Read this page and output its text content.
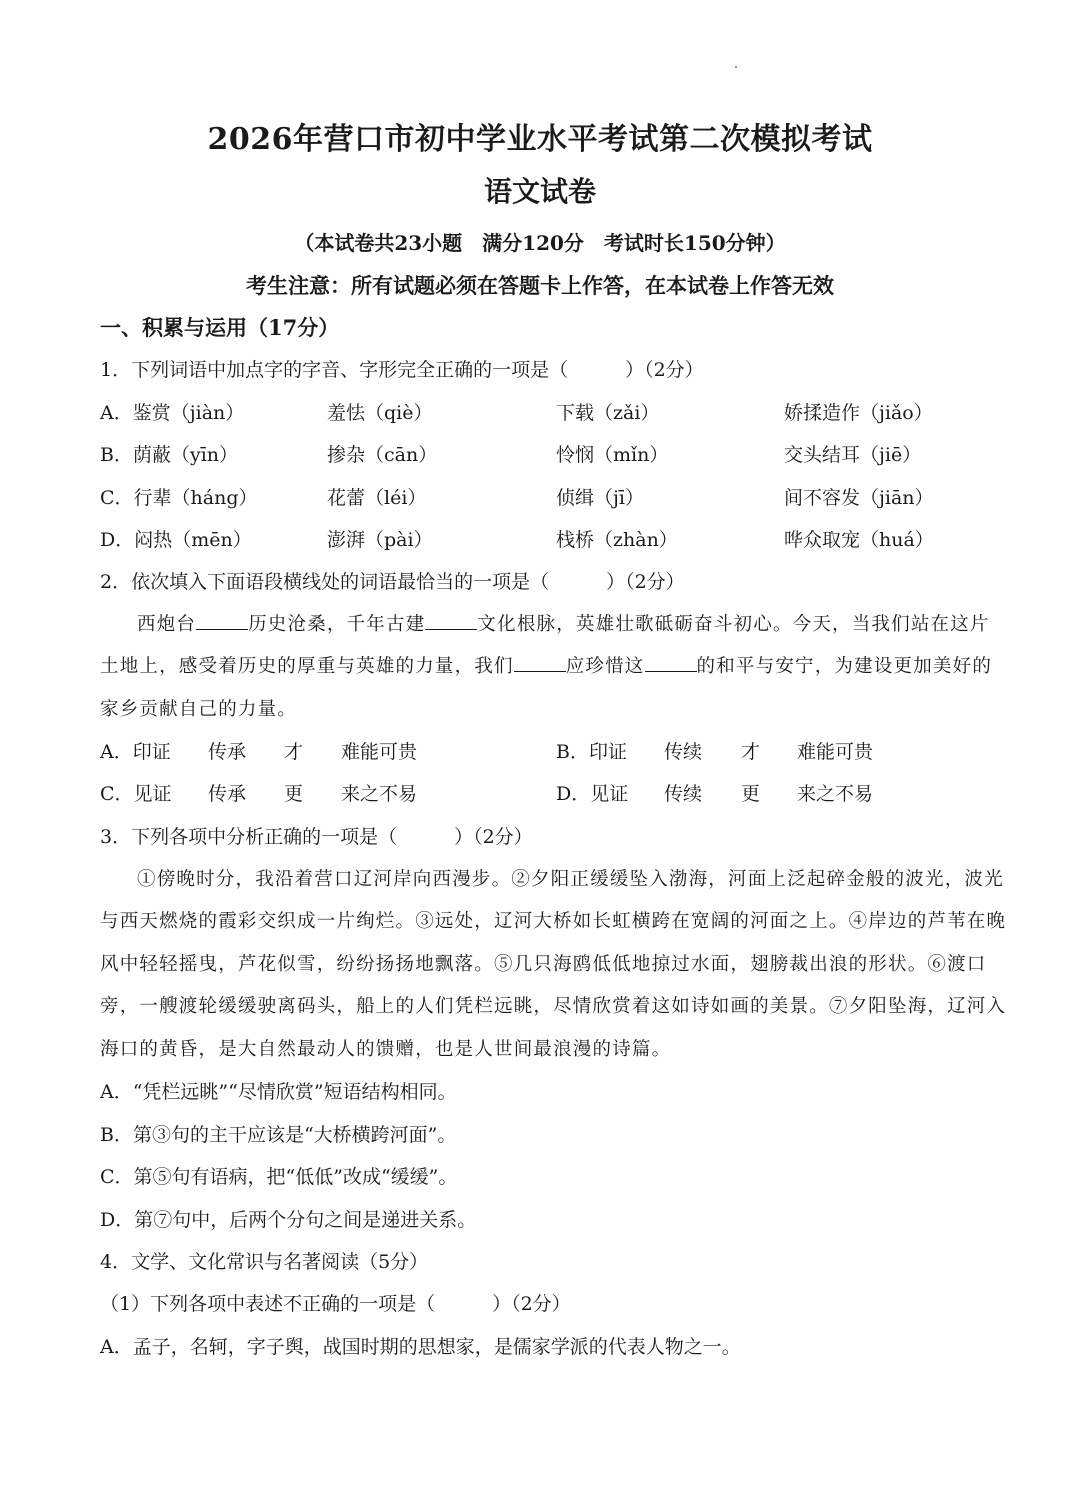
2026年营口市初中学业水平考试第二次模拟考试
语文试卷
（本试卷共23小题　满分120分　考试时长150分钟）
考生注意：所有试题必须在答题卡上作答，在本试卷上作答无效
一、积累与运用（17分）
1．下列词语中加点字的字音、字形完全正确的一项是（　　　）（2分）
A．鉴赏（jiàn）	羞怯（qiè）	下载（zǎi）	娇揉造作（jiǎo）
B．荫蔽（yīn）	掺杂（cān）	怜悯（mǐn）	交头结耳（jiē）
C．行辈（háng）	花蕾（léi）	侦缉（jī）	间不容发（jiān）
D．闷热（mēn）	澎湃（pài）	栈桥（zhàn）	哗众取宠（huá）
2．依次填入下面语段横线处的词语最恰当的一项是（　　　）（2分）
西炮台	历史沧桑，千年古建	文化根脉，英雄壮歌砥砺奋斗初心。今天，当我们站在这片
土地上，感受着历史的厚重与英雄的力量，我们	应珍惜这	的和平与安宁，为建设更加美好的
家乡贡献自己的力量。
A．印证 传承 才 难能可贵	B．印证 传续 才 难能可贵
C．见证 传承 更 来之不易	D．见证 传续 更 来之不易
3．下列各项中分析正确的一项是（　　　）（2分）
①傍晚时分，我沿着营口辽河岸向西漫步。②夕阳正缓缓坠入渤海，河面上泛起碎金般的波光，波光
与西天燃烧的霞彩交织成一片绚烂。③远处，辽河大桥如长虹横跨在宽阔的河面之上。④岸边的芦苇在晚
风中轻轻摇曳，芦花似雪，纷纷扬扬地飘落。⑤几只海鸥低低地掠过水面，翅膀裁出浪的形状。⑥渡口
旁，一艘渡轮缓缓驶离码头，船上的人们凭栏远眺，尽情欣赏着这如诗如画的美景。⑦夕阳坠海，辽河入
海口的黄昏，是大自然最动人的馈赠，也是人世间最浪漫的诗篇。
A．“凭栏远眺”“尽情欣赏”短语结构相同。
B．第③句的主干应该是“大桥横跨河面”。
C．第⑤句有语病，把“低低”改成“缓缓”。
D．第⑦句中，后两个分句之间是递进关系。
4．文学、文化常识与名著阅读（5分）
（1）下列各项中表述不正确的一项是（　　　）（2分）
A．孟子，名轲，字子舆，战国时期的思想家，是儒家学派的代表人物之一。
